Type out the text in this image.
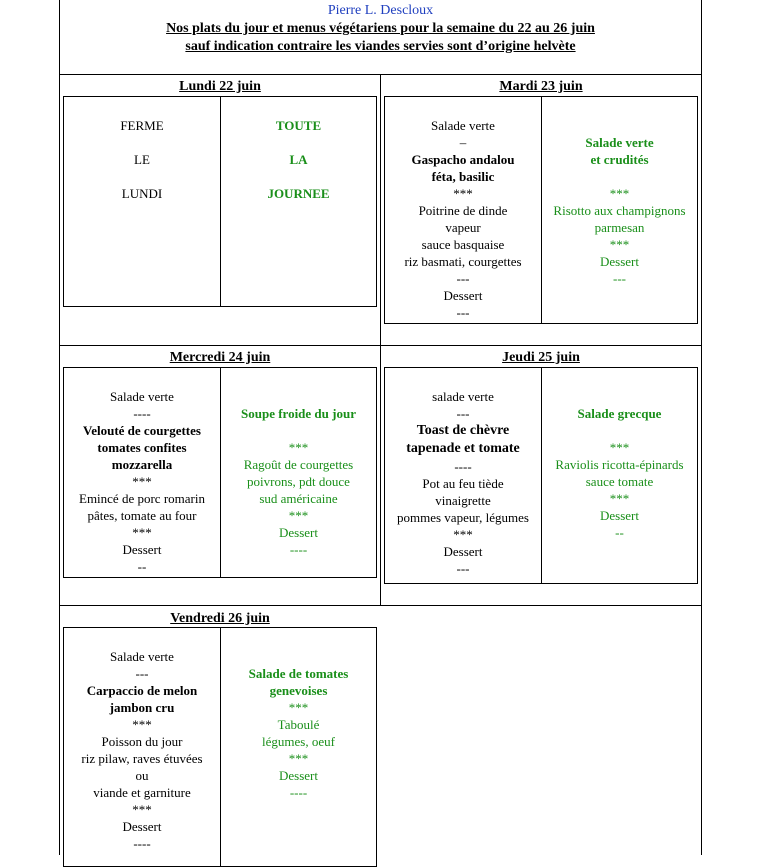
Pierre L. Descloux
Nos plats du jour et menus végétariens pour la semaine du 22 au 26 juin
sauf indication contraire les viandes servies sont d’origine helvète
Lundi 22 juin
FERME
LE
LUNDI
TOUTE
LA
JOURNEE
Mardi 23 juin
Salade verte
–
Gaspacho andalou
féta, basilic
***
Poitrine de dinde
vapeur
sauce basquaise
riz basmati, courgettes
---
Dessert
---
Salade verte
et crudités

***
Risotto aux champignons
parmesan
***
Dessert
---
Mercredi 24 juin
Salade verte
----
Velouté de courgettes
tomates confites
mozzarella
***
Emincé de porc romarin
pâtes, tomate au four
***
Dessert
--
Soupe froide du jour

***
Ragoût de courgettes
poivrons, pdt douce
sud américaine
***
Dessert
----
Jeudi 25 juin
salade verte
---
Toast de chèvre
tapenade et tomate
----
Pot au feu tiède
vinaigrette
pommes vapeur, légumes
***
Dessert
---
Salade grecque

***
Raviolis ricotta-épinards
sauce tomate
***
Dessert
--
Vendredi 26 juin
Salade verte
---
Carpaccio de melon
jambon cru
***
Poisson du jour
riz pilaw, raves étuvées
ou
viande et garniture
***
Dessert
----
Salade de tomates
genevoises
***
Taboulé
légumes, oeuf
***
Dessert
----
